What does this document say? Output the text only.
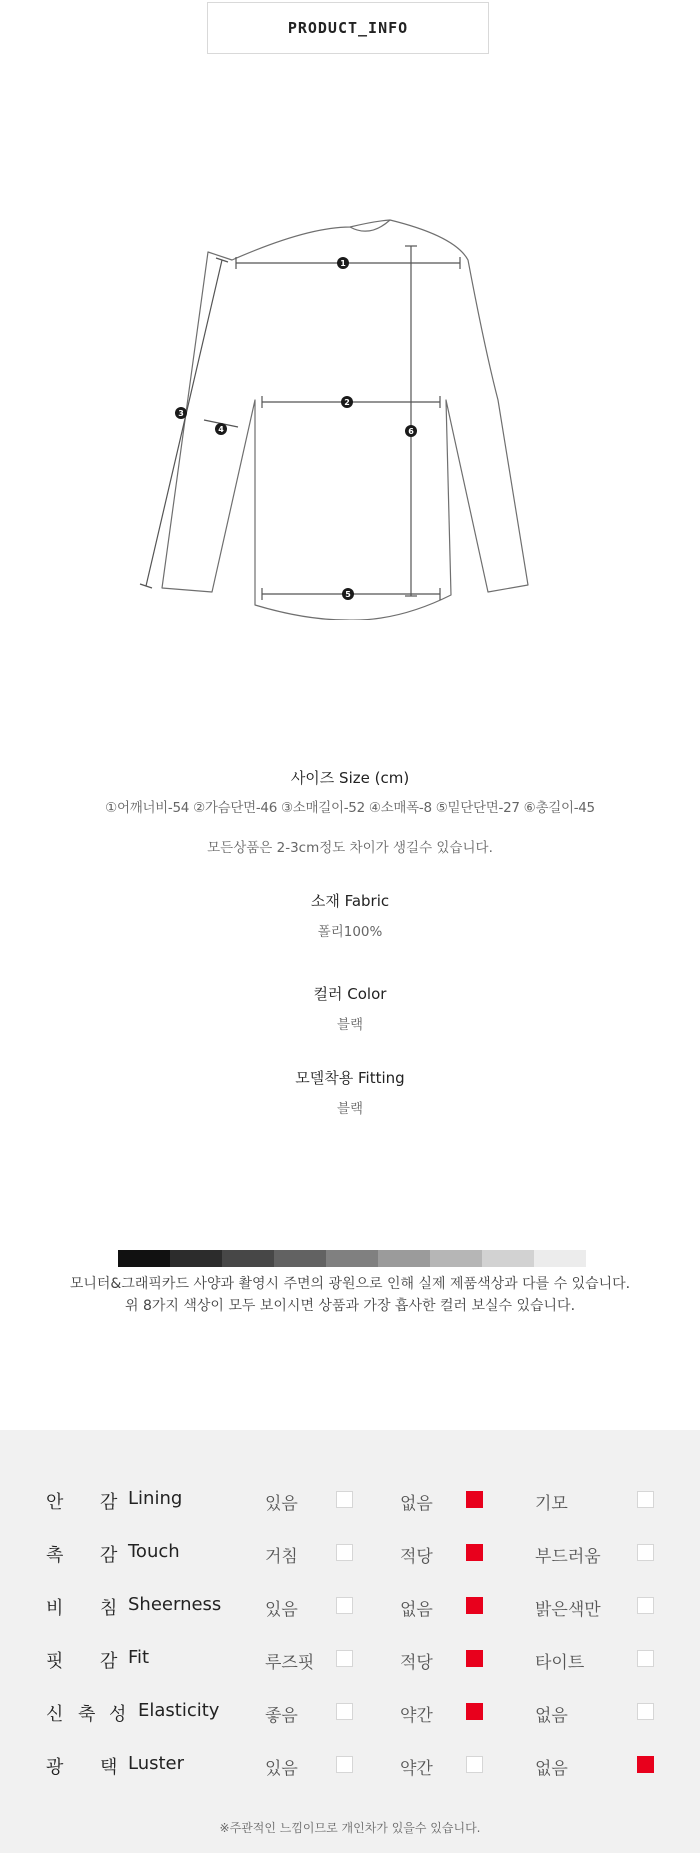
PRODUCT_INFO
1
2
3
4
5
6
사이즈 Size (cm)
①어깨너비-54 ②가슴단면-46 ③소매길이-52 ④소매폭-8 ⑤밑단단면-27 ⑥총길이-45
모든상품은 2-3cm정도 차이가 생길수 있습니다.
소재 Fabric
폴리100%
컬러 Color
블랙
모델착용 Fitting
블랙
모니터&그래픽카드 사양과 촬영시 주면의 광원으로 인해 실제 제품색상과 다를 수 있습니다.
위 8가지 색상이 모두 보이시면 상품과 가장 흡사한 컬러 보실수 있습니다.
안 감 Lining	있음	없음	기모
촉 감 Touch	거침	적당	부드러움
비 침 Sheerness	있음	없음	밝은색만
핏 감 Fit	루즈핏	적당	타이트
신 축 성 Elasticity	좋음	약간	없음
광 택 Luster	있음	약간	없음
※주관적인 느낌이므로 개인차가 있을수 있습니다.
